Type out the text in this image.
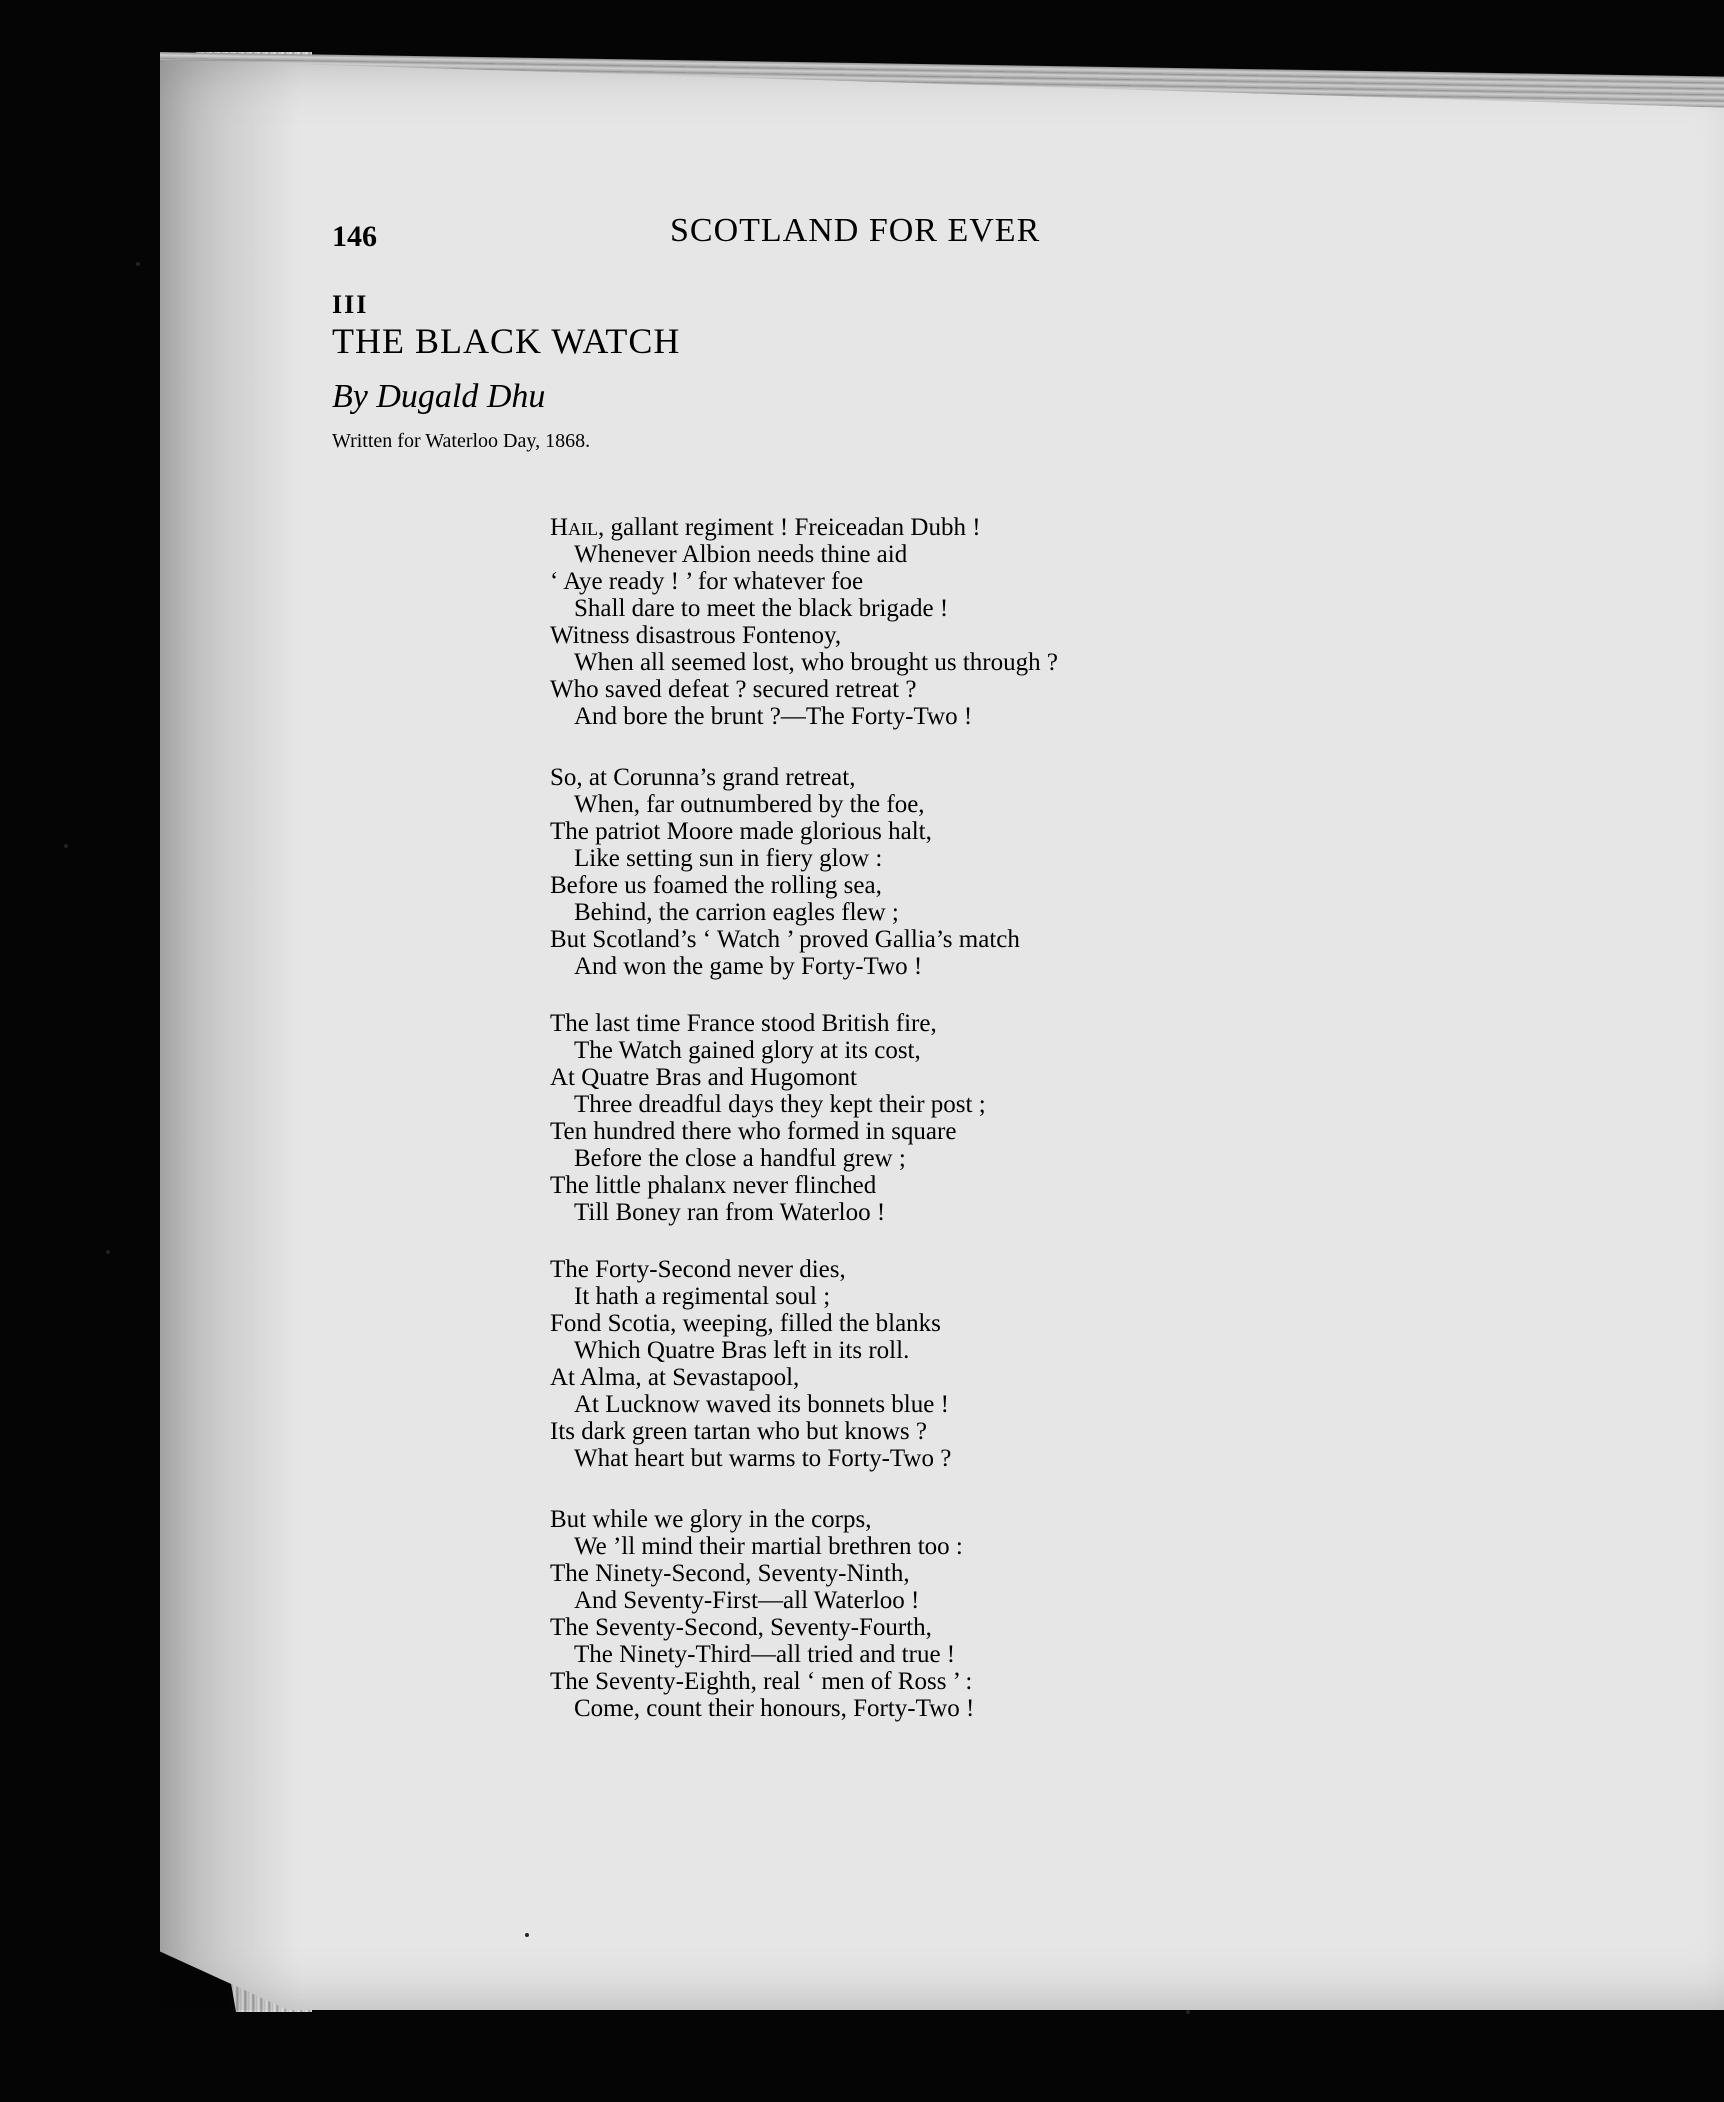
146	SCOTLAND FOR EVER
III
THE BLACK WATCH
By Dugald Dhu
Written for Waterloo Day, 1868.
Hail, gallant regiment ! Freiceadan Dubh !
Whenever Albion needs thine aid
‘ Aye ready ! ’ for whatever foe
Shall dare to meet the black brigade !
Witness disastrous Fontenoy,
When all seemed lost, who brought us through ?
Who saved defeat ? secured retreat ?
And bore the brunt ?—The Forty-Two !
So, at Corunna’s grand retreat,
When, far outnumbered by the foe,
The patriot Moore made glorious halt,
Like setting sun in fiery glow :
Before us foamed the rolling sea,
Behind, the carrion eagles flew ;
But Scotland’s ‘ Watch ’ proved Gallia’s match
And won the game by Forty-Two !
The last time France stood British fire,
The Watch gained glory at its cost,
At Quatre Bras and Hugomont
Three dreadful days they kept their post ;
Ten hundred there who formed in square
Before the close a handful grew ;
The little phalanx never flinched
Till Boney ran from Waterloo !
The Forty-Second never dies,
It hath a regimental soul ;
Fond Scotia, weeping, filled the blanks
Which Quatre Bras left in its roll.
At Alma, at Sevastapool,
At Lucknow waved its bonnets blue !
Its dark green tartan who but knows ?
What heart but warms to Forty-Two ?
But while we glory in the corps,
We ’ll mind their martial brethren too :
The Ninety-Second, Seventy-Ninth,
And Seventy-First—all Waterloo !
The Seventy-Second, Seventy-Fourth,
The Ninety-Third—all tried and true !
The Seventy-Eighth, real ‘ men of Ross ’ :
Come, count their honours, Forty-Two !
